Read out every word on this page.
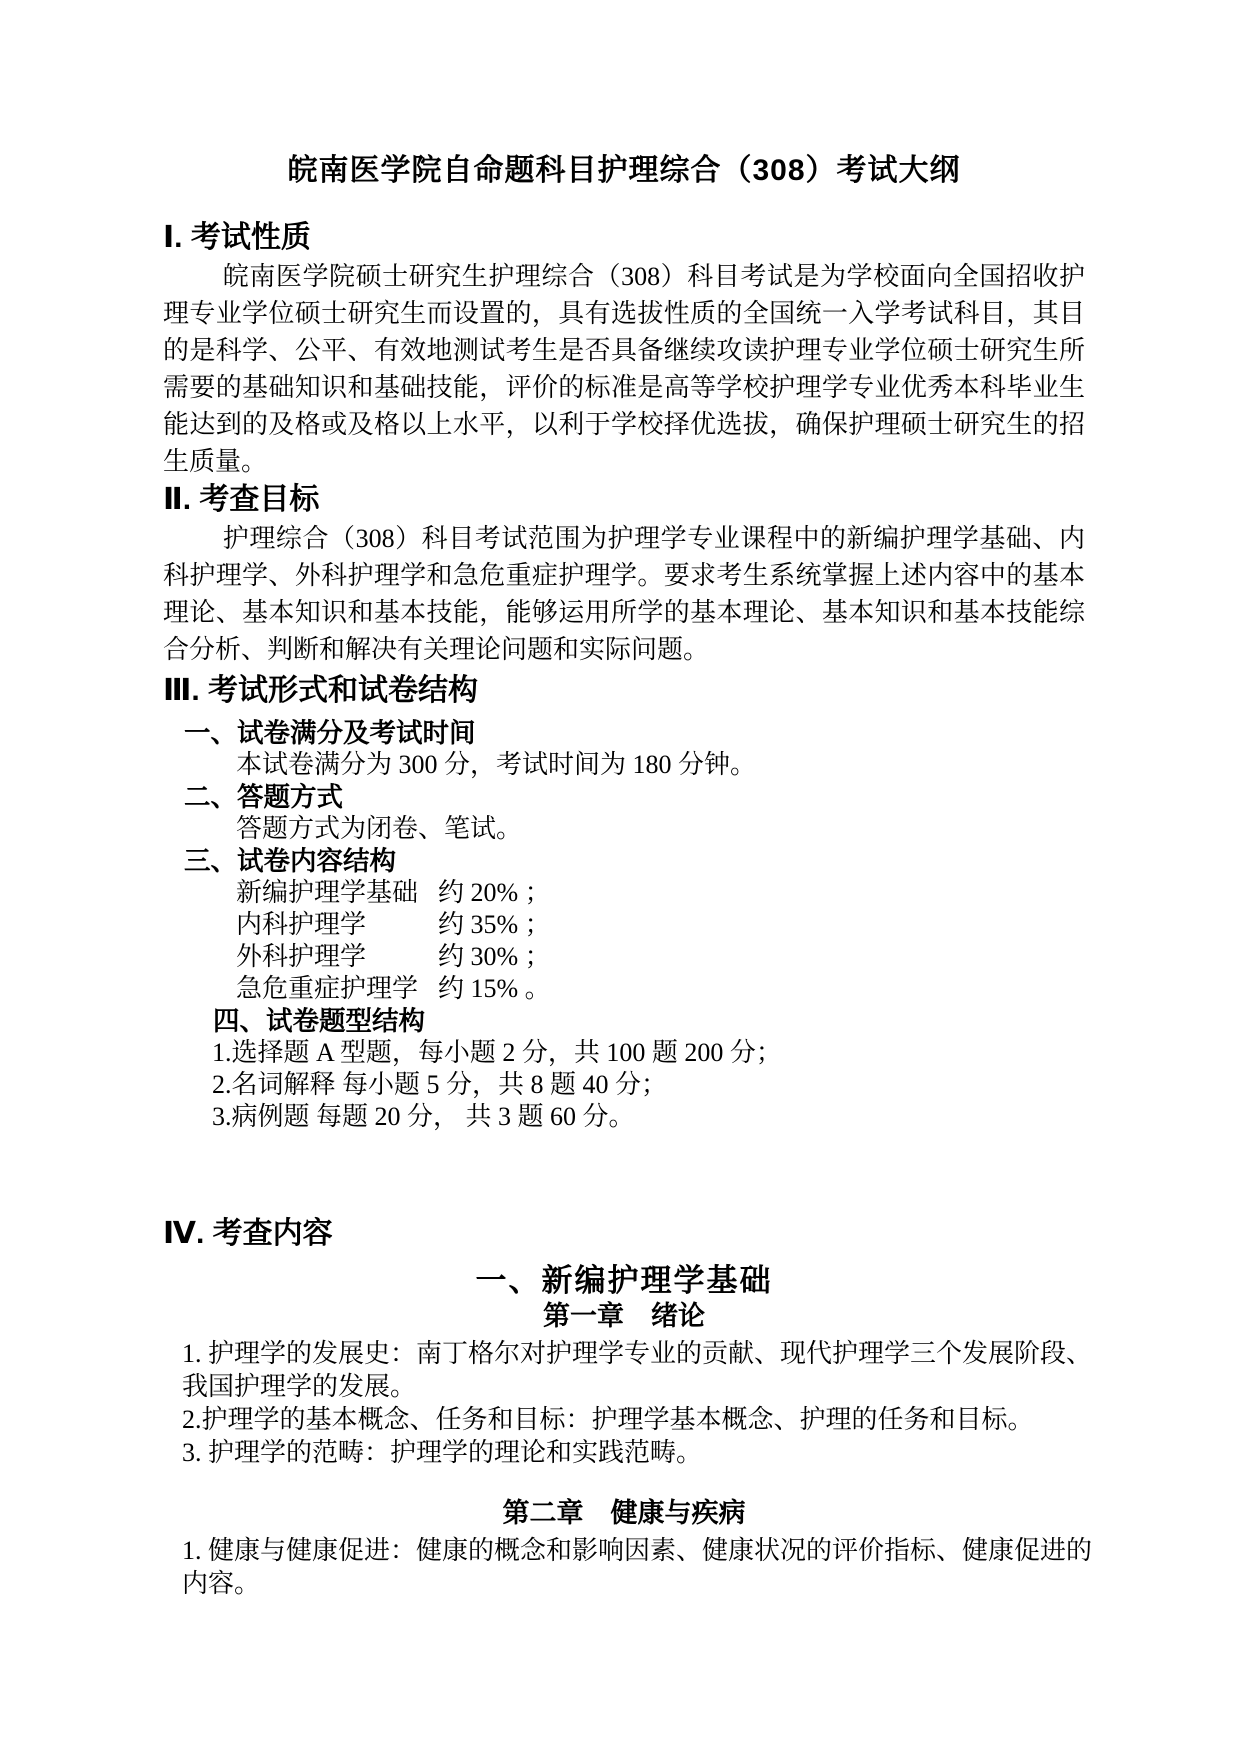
皖南医学院自命题科目护理综合（308）考试大纲
Ⅰ. 考试性质
皖南医学院硕士研究生护理综合（308）科目考试是为学校面向全国招收护
理专业学位硕士研究生而设置的，具有选拔性质的全国统一入学考试科目，其目
的是科学、公平、有效地测试考生是否具备继续攻读护理专业学位硕士研究生所
需要的基础知识和基础技能，评价的标准是高等学校护理学专业优秀本科毕业生
能达到的及格或及格以上水平，以利于学校择优选拔，确保护理硕士研究生的招
生质量。
Ⅱ. 考查目标
护理综合（308）科目考试范围为护理学专业课程中的新编护理学基础、内
科护理学、外科护理学和急危重症护理学。要求考生系统掌握上述内容中的基本
理论、基本知识和基本技能，能够运用所学的基本理论、基本知识和基本技能综
合分析、判断和解决有关理论问题和实际问题。
Ⅲ. 考试形式和试卷结构
一、试卷满分及考试时间
本试卷满分为 300 分，考试时间为 180 分钟。
二、答题方式
答题方式为闭卷、笔试。
三、试卷内容结构
新编护理学基础 约 20% ；
内科护理学	约 35% ；
外科护理学	约 30% ；
急危重症护理学 约 15% 。
四、试卷题型结构
1.选择题 A 型题，每小题 2 分，共 100 题 200 分；
2.名词解释 每小题 5 分，共 8 题 40 分；
3.病例题 每题 20 分， 共 3 题 60 分。
Ⅳ. 考查内容
一、新编护理学基础
第一章　绪论
1. 护理学的发展史：南丁格尔对护理学专业的贡献、现代护理学三个发展阶段、
我国护理学的发展。
2.护理学的基本概念、任务和目标：护理学基本概念、护理的任务和目标。
3. 护理学的范畴：护理学的理论和实践范畴。
第二章　健康与疾病
1. 健康与健康促进：健康的概念和影响因素、健康状况的评价指标、健康促进的
内容。
